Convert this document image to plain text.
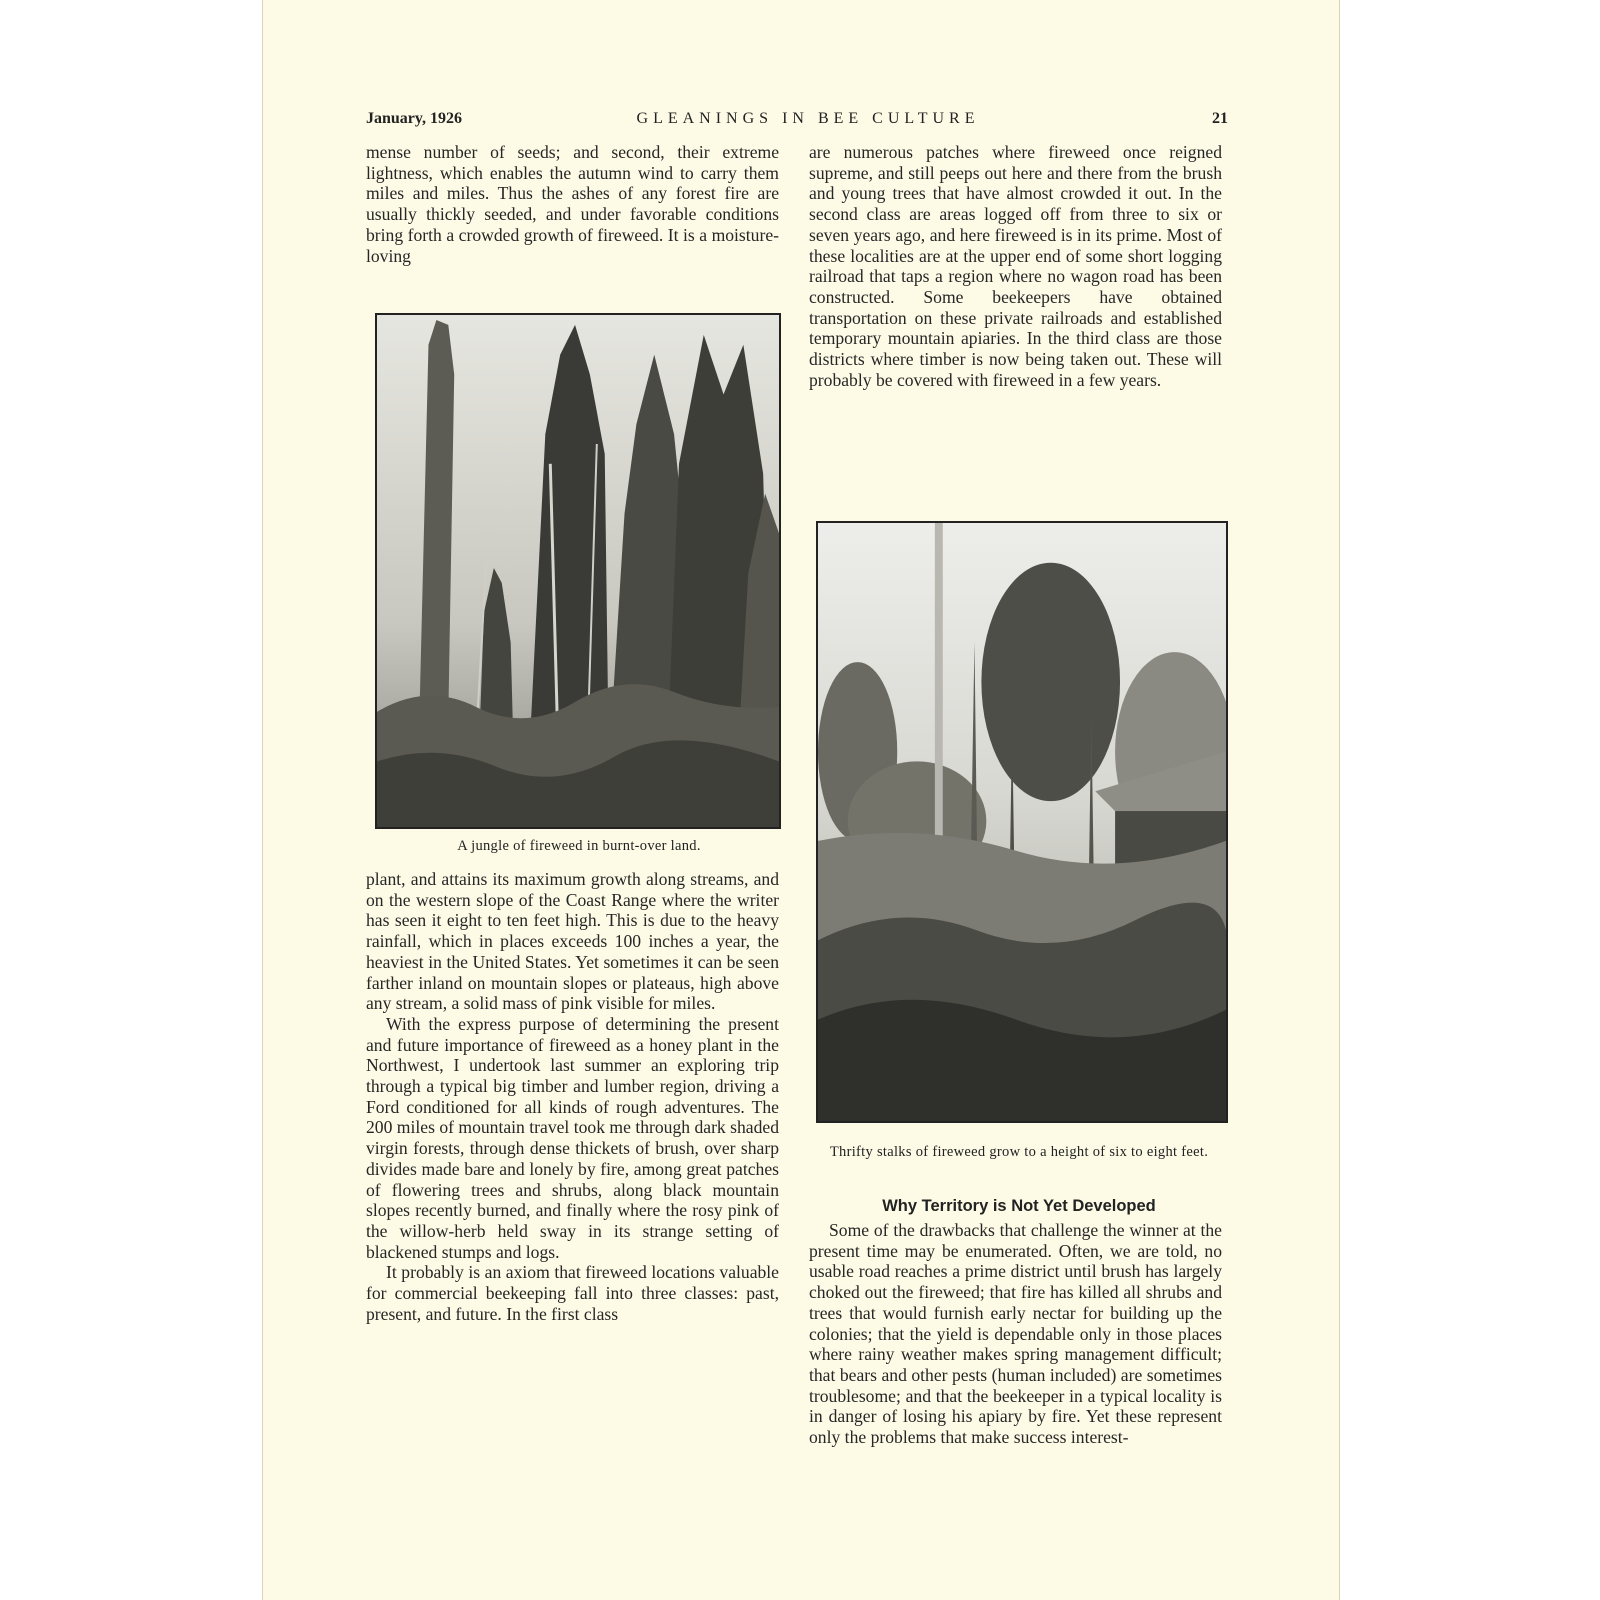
January, 1926	GLEANINGS IN BEE CULTURE	21

mense number of seeds; and second, their extreme lightness, which enables the autumn wind to carry them miles and miles. Thus the ashes of any forest fire are usually thickly seeded, and under favorable conditions bring forth a crowded growth of fireweed. It is a moisture-loving

A jungle of fireweed in burnt-over land.

plant, and attains its maximum growth along streams, and on the western slope of the Coast Range where the writer has seen it eight to ten feet high. This is due to the heavy rainfall, which in places exceeds 100 inches a year, the heaviest in the United States. Yet sometimes it can be seen farther inland on mountain slopes or plateaus, high above any stream, a solid mass of pink visible for miles.

With the express purpose of determining the present and future importance of fireweed as a honey plant in the Northwest, I undertook last summer an exploring trip through a typical big timber and lumber region, driving a Ford conditioned for all kinds of rough adventures. The 200 miles of mountain travel took me through dark shaded virgin forests, through dense thickets of brush, over sharp divides made bare and lonely by fire, among great patches of flowering trees and shrubs, along black mountain slopes recently burned, and finally where the rosy pink of the willow-herb held sway in its strange setting of blackened stumps and logs.

It probably is an axiom that fireweed locations valuable for commercial beekeeping fall into three classes: past, present, and future. In the first class

are numerous patches where fireweed once reigned supreme, and still peeps out here and there from the brush and young trees that have almost crowded it out. In the second class are areas logged off from three to six or seven years ago, and here fireweed is in its prime. Most of these localities are at the upper end of some short logging railroad that taps a region where no wagon road has been constructed. Some beekeepers have obtained transportation on these private railroads and established temporary mountain apiaries. In the third class are those districts where timber is now being taken out. These will probably be covered with fireweed in a few years.

Thrifty stalks of fireweed grow to a height of six to eight feet.
Why Territory is Not Yet Developed

Some of the drawbacks that challenge the winner at the present time may be enumerated. Often, we are told, no usable road reaches a prime district until brush has largely choked out the fireweed; that fire has killed all shrubs and trees that would furnish early nectar for building up the colonies; that the yield is dependable only in those places where rainy weather makes spring management difficult; that bears and other pests (human included) are sometimes troublesome; and that the beekeeper in a typical locality is in danger of losing his apiary by fire. Yet these represent only the problems that make success interest-
